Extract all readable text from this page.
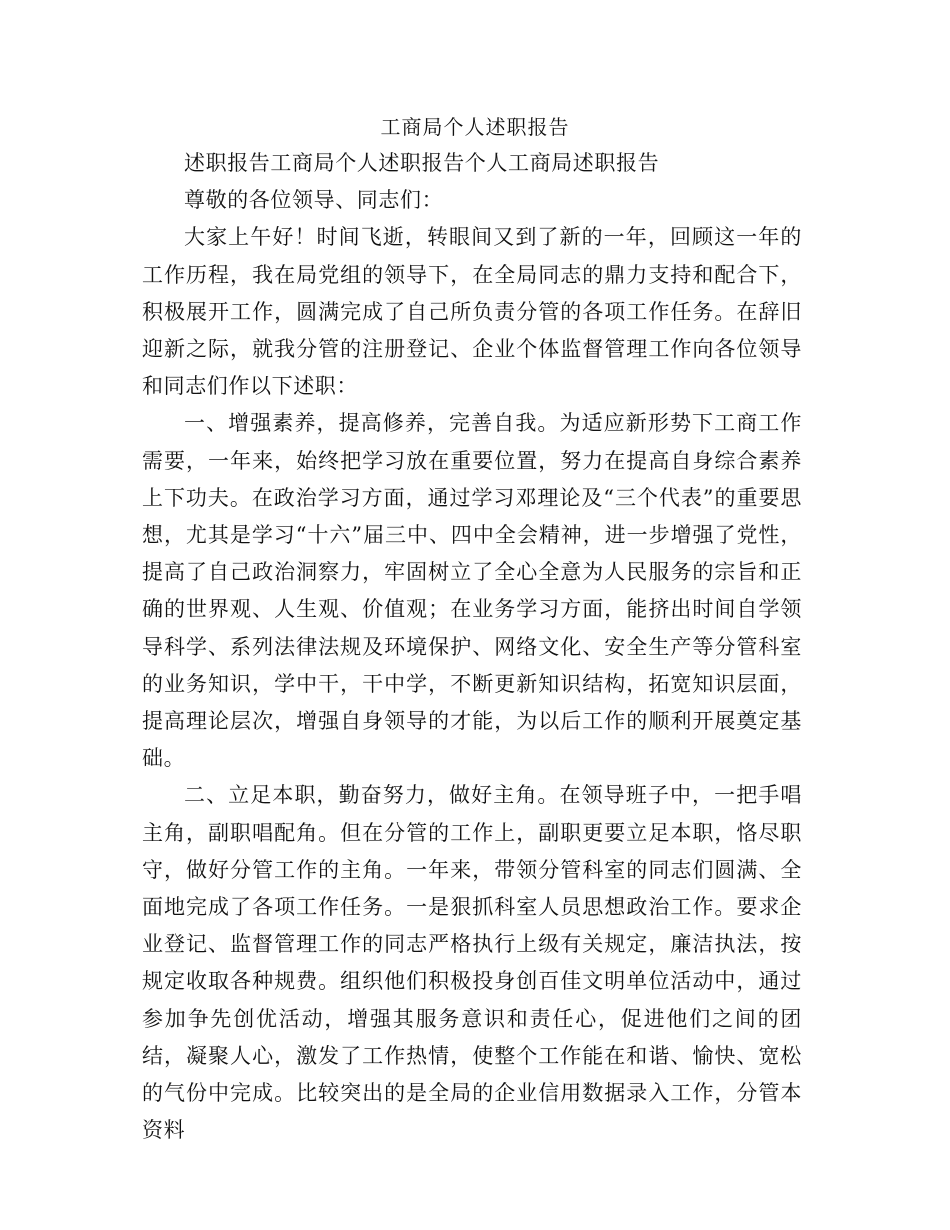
工商局个人述职报告

述职报告工商局个人述职报告个人工商局述职报告

尊敬的各位领导、同志们：

大家上午好！时间飞逝，转眼间又到了新的一年，回顾这一年的工作历程，我在局党组的领导下，在全局同志的鼎力支持和配合下，积极展开工作，圆满完成了自己所负责分管的各项工作任务。在辞旧迎新之际，就我分管的注册登记、企业个体监督管理工作向各位领导和同志们作以下述职：

一、增强素养，提高修养，完善自我。为适应新形势下工商工作需要，一年来，始终把学习放在重要位置，努力在提高自身综合素养上下功夫。在政治学习方面，通过学习邓理论及“三个代表”的重要思想，尤其是学习“十六”届三中、四中全会精神，进一步增强了党性，提高了自己政治洞察力，牢固树立了全心全意为人民服务的宗旨和正确的世界观、人生观、价值观；在业务学习方面，能挤出时间自学领导科学、系列法律法规及环境保护、网络文化、安全生产等分管科室的业务知识，学中干，干中学，不断更新知识结构，拓宽知识层面，提高理论层次，增强自身领导的才能，为以后工作的顺利开展奠定基础。

二、立足本职，勤奋努力，做好主角。在领导班子中，一把手唱主角，副职唱配角。但在分管的工作上，副职更要立足本职，恪尽职守，做好分管工作的主角。一年来，带领分管科室的同志们圆满、全面地完成了各项工作任务。一是狠抓科室人员思想政治工作。要求企业登记、监督管理工作的同志严格执行上级有关规定，廉洁执法，按规定收取各种规费。组织他们积极投身创百佳文明单位活动中，通过参加争先创优活动，增强其服务意识和责任心，促进他们之间的团结，凝聚人心，激发了工作热情，使整个工作能在和谐、愉快、宽松的气份中完成。比较突出的是全局的企业信用数据录入工作，分管本资料
